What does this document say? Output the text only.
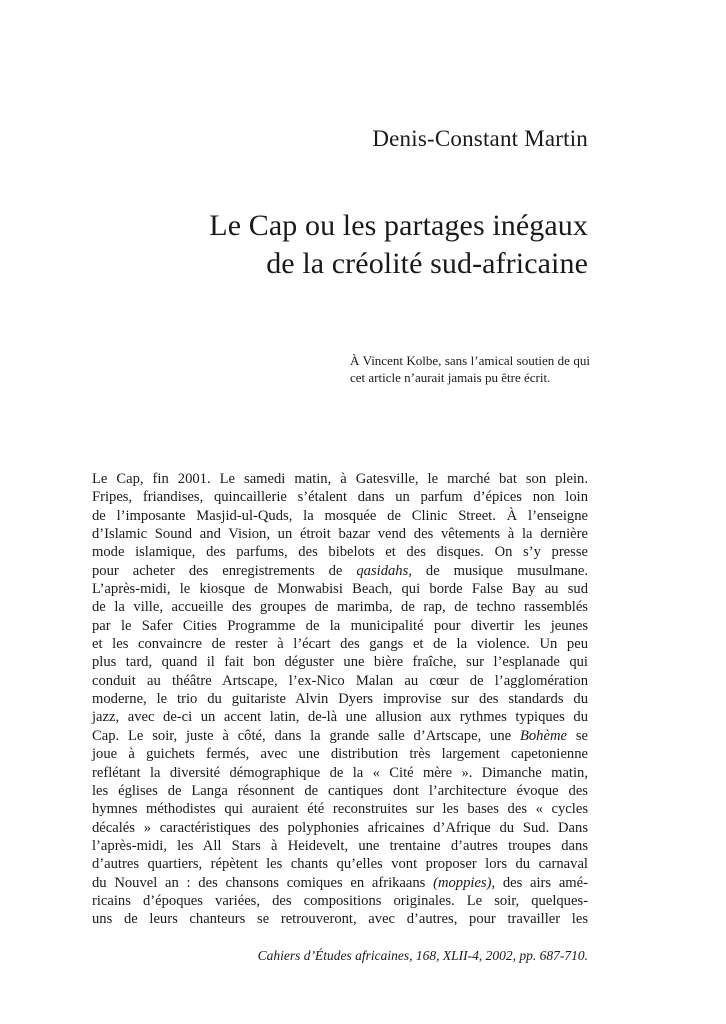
Denis-Constant Martin
Le Cap ou les partages inégaux
de la créolité sud-africaine
À Vincent Kolbe, sans l’amical soutien de qui cet article n’aurait jamais pu être écrit.
Le Cap, fin 2001. Le samedi matin, à Gatesville, le marché bat son plein.
Fripes, friandises, quincaillerie s’étalent dans un parfum d’épices non loin
de l’imposante Masjid-ul-Quds, la mosquée de Clinic Street. À l’enseigne
d’Islamic Sound and Vision, un étroit bazar vend des vêtements à la dernière
mode islamique, des parfums, des bibelots et des disques. On s’y presse
pour acheter des enregistrements de qasidahs, de musique musulmane.
L’après-midi, le kiosque de Monwabisi Beach, qui borde False Bay au sud
de la ville, accueille des groupes de marimba, de rap, de techno rassemblés
par le Safer Cities Programme de la municipalité pour divertir les jeunes
et les convaincre de rester à l’écart des gangs et de la violence. Un peu
plus tard, quand il fait bon déguster une bière fraîche, sur l’esplanade qui
conduit au théâtre Artscape, l’ex-Nico Malan au cœur de l’agglomération
moderne, le trio du guitariste Alvin Dyers improvise sur des standards du
jazz, avec de-ci un accent latin, de-là une allusion aux rythmes typiques du
Cap. Le soir, juste à côté, dans la grande salle d’Artscape, une Bohème se
joue à guichets fermés, avec une distribution très largement capetonienne
reflétant la diversité démographique de la « Cité mère ». Dimanche matin,
les églises de Langa résonnent de cantiques dont l’architecture évoque des
hymnes méthodistes qui auraient été reconstruites sur les bases des « cycles
décalés » caractéristiques des polyphonies africaines d’Afrique du Sud. Dans
l’après-midi, les All Stars à Heidevelt, une trentaine d’autres troupes dans
d’autres quartiers, répètent les chants qu’elles vont proposer lors du carnaval
du Nouvel an : des chansons comiques en afrikaans (moppies), des airs amé-
ricains d’époques variées, des compositions originales. Le soir, quelques-
uns de leurs chanteurs se retrouveront, avec d’autres, pour travailler les
Cahiers d’Études africaines, 168, XLII-4, 2002, pp. 687-710.
